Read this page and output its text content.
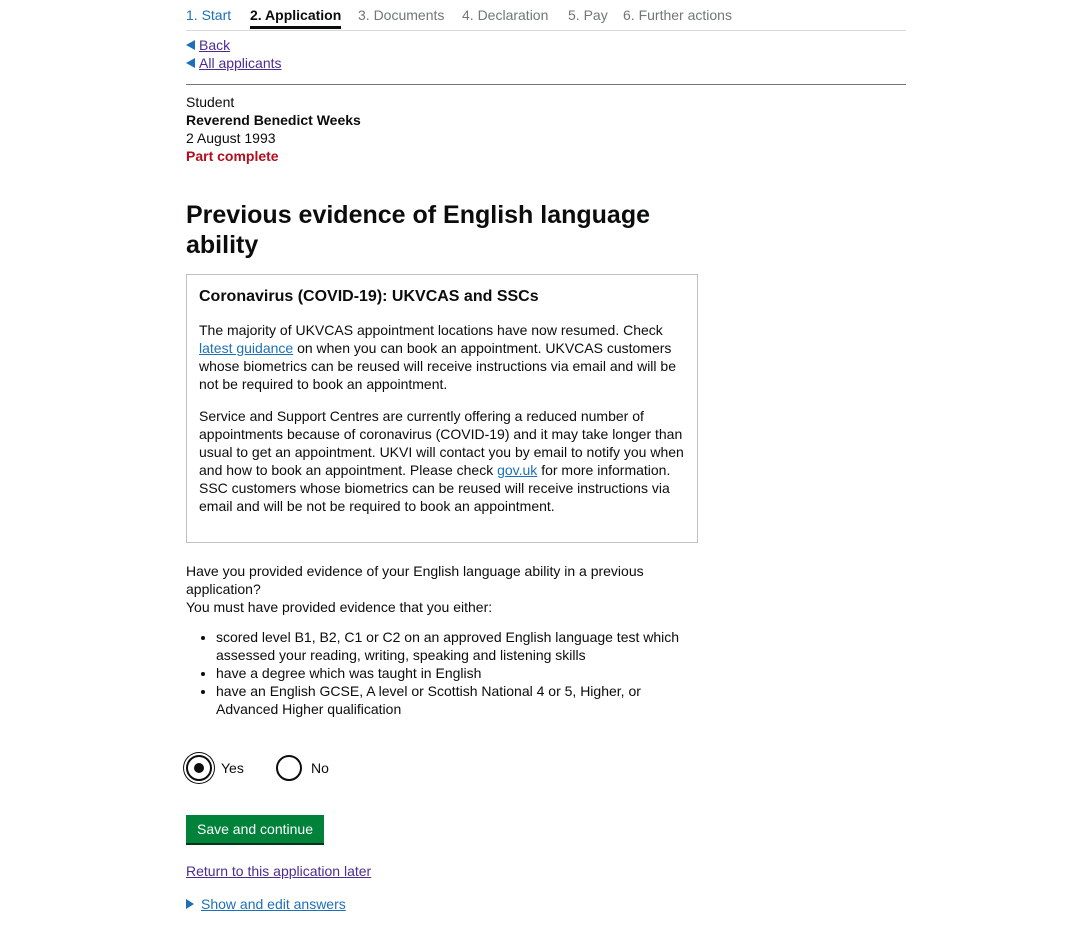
1. Start 2. Application 3. Documents 4. Declaration 5. Pay 6. Further actions
Back
All applicants
Student
Reverend Benedict Weeks
2 August 1993
Part complete
Previous evidence of English language ability
Coronavirus (COVID-19): UKVCAS and SSCs

The majority of UKVCAS appointment locations have now resumed. Check latest guidance on when you can book an appointment. UKVCAS customers whose biometrics can be reused will receive instructions via email and will be not be required to book an appointment.

Service and Support Centres are currently offering a reduced number of appointments because of coronavirus (COVID-19) and it may take longer than usual to get an appointment. UKVI will contact you by email to notify you when and how to book an appointment. Please check gov.uk for more information. SSC customers whose biometrics can be reused will receive instructions via email and will be not be required to book an appointment.

Have you provided evidence of your English language ability in a previous application?

You must have provided evidence that you either:

• scored level B1, B2, C1 or C2 on an approved English language test which assessed your reading, writing, speaking and listening skills
• have a degree which was taught in English
• have an English GCSE, A level or Scottish National 4 or 5, Higher, or Advanced Higher qualification
Yes	No
Save and continue
Return to this application later
Show and edit answers
